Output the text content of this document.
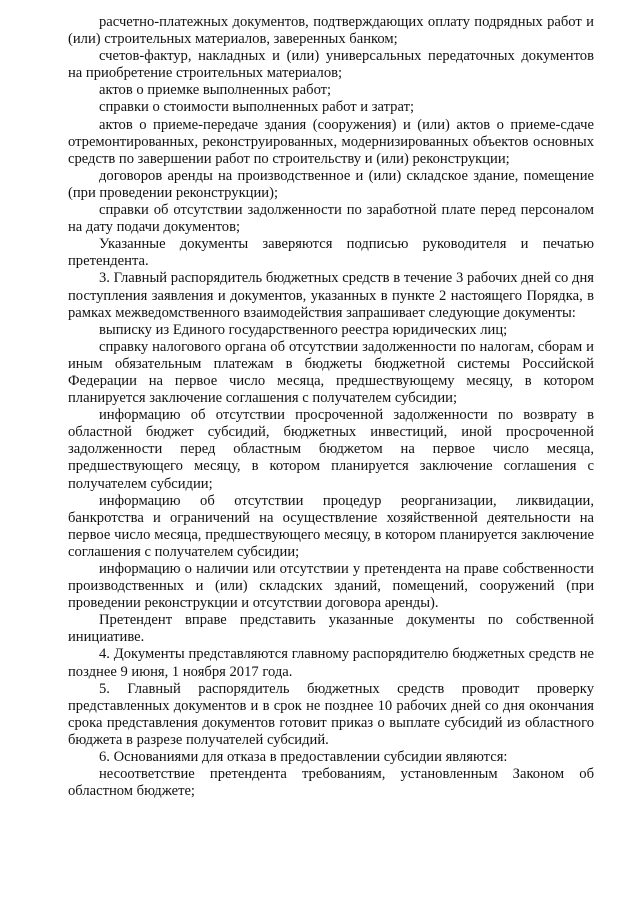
расчетно-платежных документов, подтверждающих оплату подрядных работ и (или) строительных материалов, заверенных банком;

счетов-фактур, накладных и (или) универсальных передаточных документов на приобретение строительных материалов;

актов о приемке выполненных работ;

справки о стоимости выполненных работ и затрат;

актов о приеме-передаче здания (сооружения) и (или) актов о приеме-сдаче отремонтированных, реконструированных, модернизированных объектов основных средств по завершении работ по строительству и (или) реконструкции;

договоров аренды на производственное и (или) складское здание, помещение (при проведении реконструкции);

справки об отсутствии задолженности по заработной плате перед персоналом на дату подачи документов;

Указанные документы заверяются подписью руководителя и печатью претендента.

3. Главный распорядитель бюджетных средств в течение 3 рабочих дней со дня поступления заявления и документов, указанных в пункте 2 настоящего Порядка, в рамках межведомственного взаимодействия запрашивает следующие документы:

выписку из Единого государственного реестра юридических лиц;

справку налогового органа об отсутствии задолженности по налогам, сборам и иным обязательным платежам в бюджеты бюджетной системы Российской Федерации на первое число месяца, предшествующему месяцу, в котором планируется заключение соглашения с получателем субсидии;

информацию об отсутствии просроченной задолженности по возврату в областной бюджет субсидий, бюджетных инвестиций, иной просроченной задолженности перед областным бюджетом на первое число месяца, предшествующего месяцу, в котором планируется заключение соглашения с получателем субсидии;

информацию об отсутствии процедур реорганизации, ликвидации, банкротства и ограничений на осуществление хозяйственной деятельности на первое число месяца, предшествующего месяцу, в котором планируется заключение соглашения с получателем субсидии;

информацию о наличии или отсутствии у претендента на праве собственности производственных и (или) складских зданий, помещений, сооружений (при проведении реконструкции и отсутствии договора аренды).

Претендент вправе представить указанные документы по собственной инициативе.

4. Документы представляются главному распорядителю бюджетных средств не позднее 9 июня, 1 ноября 2017 года.

5. Главный распорядитель бюджетных средств проводит проверку представленных документов и в срок не позднее 10 рабочих дней со дня окончания срока представления документов готовит приказ о выплате субсидий из областного бюджета в разрезе получателей субсидий.

6. Основаниями для отказа в предоставлении субсидии являются:

несоответствие претендента требованиям, установленным Законом об областном бюджете;
